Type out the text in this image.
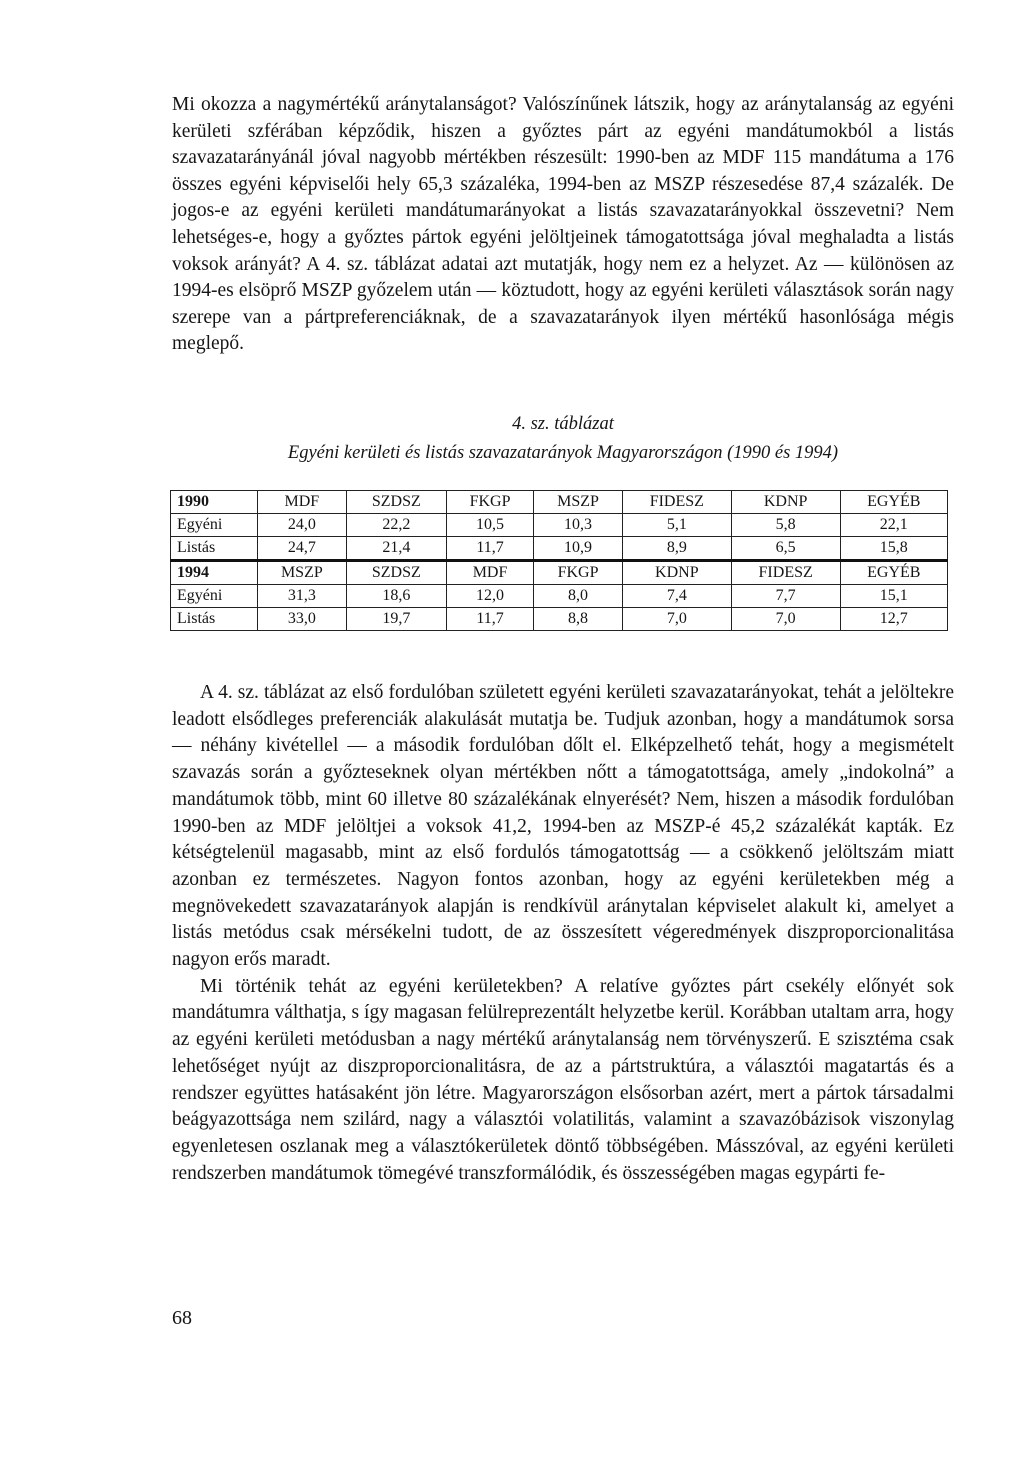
Mi okozza a nagymértékű aránytalanságot? Valószínűnek látszik, hogy az aránytalanság az egyéni kerületi szférában képződik, hiszen a győztes párt az egyéni mandátumokból a listás szavazatarányánál jóval nagyobb mértékben részesült: 1990-ben az MDF 115 mandátuma a 176 összes egyéni képviselői hely 65,3 százaléka, 1994-ben az MSZP részesedése 87,4 százalék. De jogos-e az egyéni kerületi mandátumarányokat a listás szavazatarányokkal összevetni? Nem lehetséges-e, hogy a győztes pártok egyéni jelöltjeinek támogatottsága jóval meghaladta a listás voksok arányát? A 4. sz. táblázat adatai azt mutatják, hogy nem ez a helyzet. Az — különösen az 1994-es elsöprő MSZP győzelem után — köztudott, hogy az egyéni kerületi választások során nagy szerepe van a pártpreferenciáknak, de a szavazatarányok ilyen mértékű hasonlósága mégis meglepő.

4. sz. táblázat

Egyéni kerületi és listás szavazatarányok Magyarországon (1990 és 1994)

1990	MDF	SZDSZ	FKGP	MSZP	FIDESZ	KDNP	EGYÉB
Egyéni	24,0	22,2	10,5	10,3	5,1	5,8	22,1
Listás	24,7	21,4	11,7	10,9	8,9	6,5	15,8
1994	MSZP	SZDSZ	MDF	FKGP	KDNP	FIDESZ	EGYÉB
Egyéni	31,3	18,6	12,0	8,0	7,4	7,7	15,1
Listás	33,0	19,7	11,7	8,8	7,0	7,0	12,7

A 4. sz. táblázat az első fordulóban született egyéni kerületi szavazatarányokat, tehát a jelöltekre leadott elsődleges preferenciák alakulását mutatja be. Tudjuk azonban, hogy a mandátumok sorsa — néhány kivétellel — a második fordulóban dőlt el. Elképzelhető tehát, hogy a megismételt szavazás során a győzteseknek olyan mértékben nőtt a támogatottsága, amely „indokolná” a mandátumok több, mint 60 illetve 80 százalékának elnyerését? Nem, hiszen a második fordulóban 1990-ben az MDF jelöltjei a voksok 41,2, 1994-ben az MSZP-é 45,2 százalékát kapták. Ez kétségtelenül magasabb, mint az első fordulós támogatottság — a csökkenő jelöltszám miatt azonban ez természetes. Nagyon fontos azonban, hogy az egyéni kerületekben még a megnövekedett szavazatarányok alapján is rendkívül aránytalan képviselet alakult ki, amelyet a listás metódus csak mérsékelni tudott, de az összesített végeredmények diszproporcionalitása nagyon erős maradt.

Mi történik tehát az egyéni kerületekben? A relatíve győztes párt csekély előnyét sok mandátumra válthatja, s így magasan felülreprezentált helyzetbe kerül. Korábban utaltam arra, hogy az egyéni kerületi metódusban a nagy mértékű aránytalanság nem törvényszerű. E szisztéma csak lehetőséget nyújt az diszproporcionalitásra, de az a pártstruktúra, a választói magatartás és a rendszer együttes hatásaként jön létre. Magyarországon elsősorban azért, mert a pártok társadalmi beágyazottsága nem szilárd, nagy a választói volatilitás, valamint a szavazóbázisok viszonylag egyenletesen oszlanak meg a választókerületek döntő többségében. Másszóval, az egyéni kerületi rendszerben mandátumok tömegévé transzformálódik, és összességében magas egypárti fe-

68
